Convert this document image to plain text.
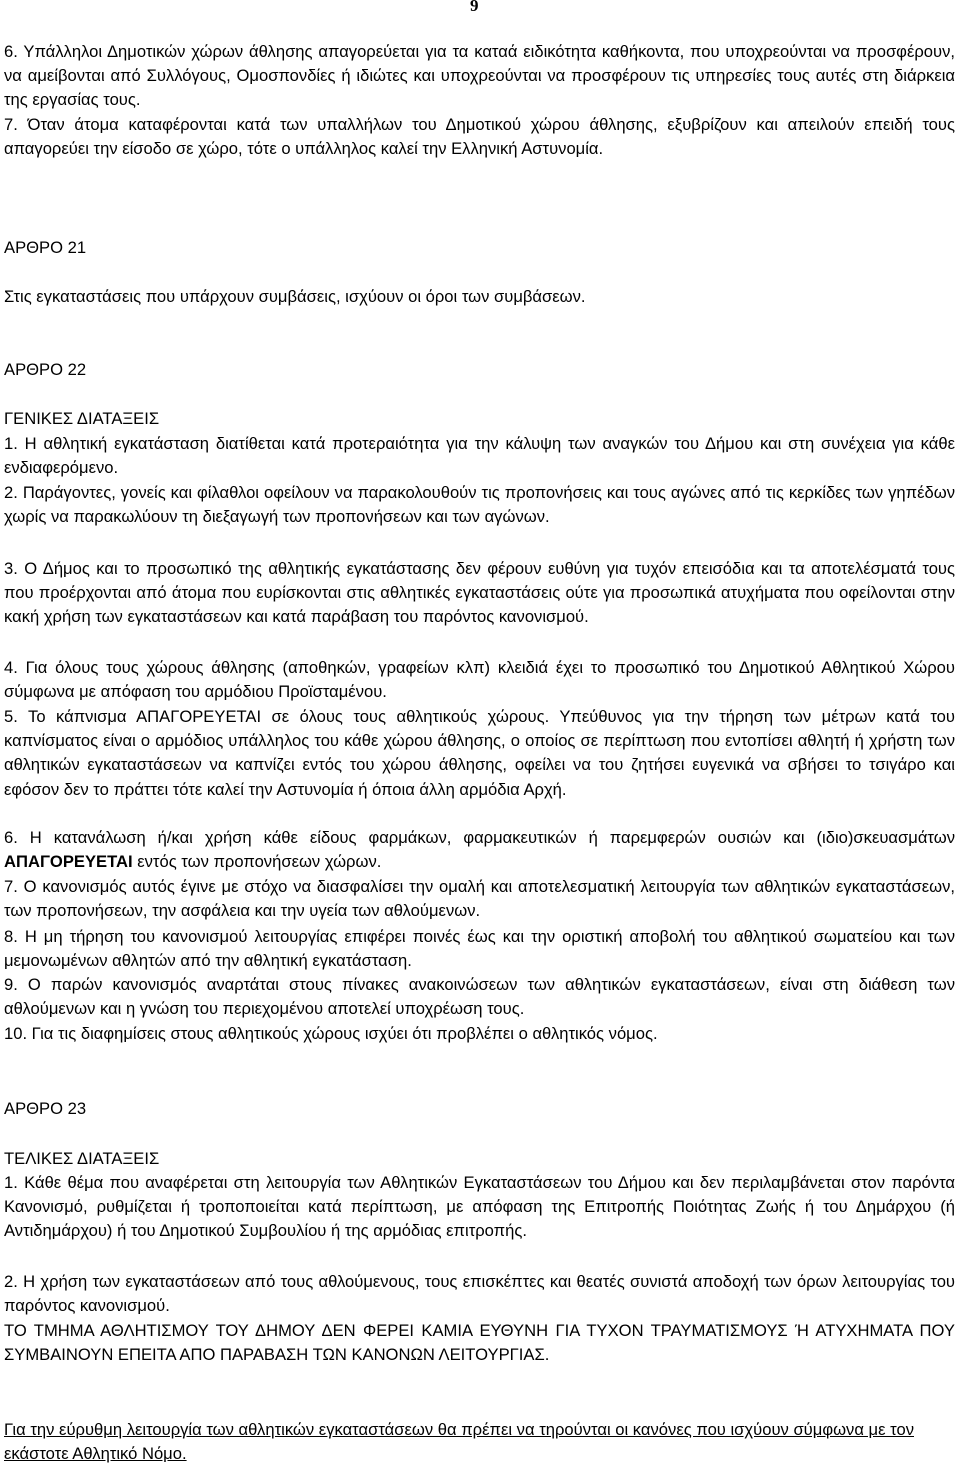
9

6. Υπάλληλοι Δημοτικών χώρων άθλησης απαγορεύεται για τα καταά ειδικότητα καθήκοντα, που υποχρεούνται να προσφέρουν, να αμείβονται από Συλλόγους, Ομοσπονδίες ή ιδιώτες και υποχρεούνται να προσφέρουν τις υπηρεσίες τους αυτές στη διάρκεια της εργασίας τους.

7. Όταν άτομα καταφέρονται κατά των υπαλλήλων του Δημοτικού χώρου άθλησης, εξυβρίζουν και απειλούν επειδή τους απαγορεύει την είσοδο σε χώρο, τότε ο υπάλληλος καλεί την Ελληνική Αστυνομία.

ΑΡΘΡΟ 21

Στις εγκαταστάσεις που υπάρχουν συμβάσεις, ισχύουν οι όροι των συμβάσεων.

ΑΡΘΡΟ 22

ΓΕΝΙΚΕΣ ΔΙΑΤΑΞΕΙΣ

1. Η αθλητική εγκατάσταση διατίθεται κατά προτεραιότητα για την κάλυψη των αναγκών του Δήμου και στη συνέχεια για κάθε ενδιαφερόμενο.

2. Παράγοντες, γονείς και φίλαθλοι οφείλουν να παρακολουθούν τις προπονήσεις και τους αγώνες από τις κερκίδες των γηπέδων χωρίς να παρακωλύουν τη διεξαγωγή των προπονήσεων και των αγώνων.

3. Ο Δήμος και το προσωπικό της αθλητικής εγκατάστασης δεν φέρουν ευθύνη για τυχόν επεισόδια και τα αποτελέσματά τους που προέρχονται από άτομα που ευρίσκονται στις αθλητικές εγκαταστάσεις ούτε για προσωπικά ατυχήματα που οφείλονται στην κακή χρήση των εγκαταστάσεων και κατά παράβαση του παρόντος κανονισμού.

4. Για όλους τους χώρους άθλησης (αποθηκών, γραφείων κλπ) κλειδιά έχει το προσωπικό του Δημοτικού Αθλητικού Χώρου σύμφωνα με απόφαση του αρμόδιου Προϊσταμένου.

5. Το κάπνισμα ΑΠΑΓΟΡΕΥΕΤΑΙ σε όλους τους αθλητικούς χώρους. Υπεύθυνος για την τήρηση των μέτρων κατά του καπνίσματος είναι ο αρμόδιος υπάλληλος του κάθε χώρου άθλησης, ο οποίος σε περίπτωση που εντοπίσει αθλητή ή χρήστη των αθλητικών εγκαταστάσεων να καπνίζει εντός του χώρου άθλησης, οφείλει να του ζητήσει ευγενικά να σβήσει το τσιγάρο και εφόσον δεν το πράττει τότε καλεί την Αστυνομία ή όποια άλλη αρμόδια Αρχή.

6. Η κατανάλωση ή/και χρήση κάθε είδους φαρμάκων, φαρμακευτικών ή παρεμφερών ουσιών και (ιδιο)σκευασμάτων ΑΠΑΓΟΡΕΥΕΤΑΙ εντός των προπονήσεων χώρων.

7. Ο κανονισμός αυτός έγινε με στόχο να διασφαλίσει την ομαλή και αποτελεσματική λειτουργία των αθλητικών εγκαταστάσεων, των προπονήσεων, την ασφάλεια και την υγεία των αθλούμενων.

8. Η μη τήρηση του κανονισμού λειτουργίας επιφέρει ποινές έως και την οριστική αποβολή του αθλητικού σωματείου και των μεμονωμένων αθλητών από την αθλητική εγκατάσταση.

9. Ο παρών κανονισμός αναρτάται στους πίνακες ανακοινώσεων των αθλητικών εγκαταστάσεων, είναι στη διάθεση των αθλούμενων και η γνώση του περιεχομένου αποτελεί υποχρέωση τους.

10. Για τις διαφημίσεις στους αθλητικούς χώρους ισχύει ότι προβλέπει ο αθλητικός νόμος.

ΑΡΘΡΟ 23

ΤΕΛΙΚΕΣ ΔΙΑΤΑΞΕΙΣ

1. Κάθε θέμα που αναφέρεται στη λειτουργία των Αθλητικών Εγκαταστάσεων του Δήμου και δεν περιλαμβάνεται στον παρόντα Κανονισμό, ρυθμίζεται ή τροποποιείται κατά περίπτωση, με απόφαση της Επιτροπής Ποιότητας Ζωής ή του Δημάρχου (ή Αντιδημάρχου) ή του Δημοτικού Συμβουλίου ή της αρμόδιας επιτροπής.

2. Η χρήση των εγκαταστάσεων από τους αθλούμενους, τους επισκέπτες και θεατές συνιστά αποδοχή των όρων λειτουργίας του παρόντος κανονισμού.

ΤΟ ΤΜΗΜΑ ΑΘΛΗΤΙΣΜΟΥ ΤΟΥ ΔΗΜΟΥ ΔΕΝ ΦΕΡΕΙ ΚΑΜΙΑ ΕΥΘΥΝΗ ΓΙΑ ΤΥΧΟΝ ΤΡΑΥΜΑΤΙΣΜΟΥΣ Ή ΑΤΥΧΗΜΑΤΑ ΠΟΥ ΣΥΜΒΑΙΝΟΥΝ ΕΠΕΙΤΑ ΑΠΟ ΠΑΡΑΒΑΣΗ ΤΩΝ ΚΑΝΟΝΩΝ ΛΕΙΤΟΥΡΓΙΑΣ.

Για την εύρυθμη λειτουργία των αθλητικών εγκαταστάσεων θα πρέπει να τηρούνται οι κανόνες που ισχύουν σύμφωνα με τον εκάστοτε Αθλητικό Νόμο.
